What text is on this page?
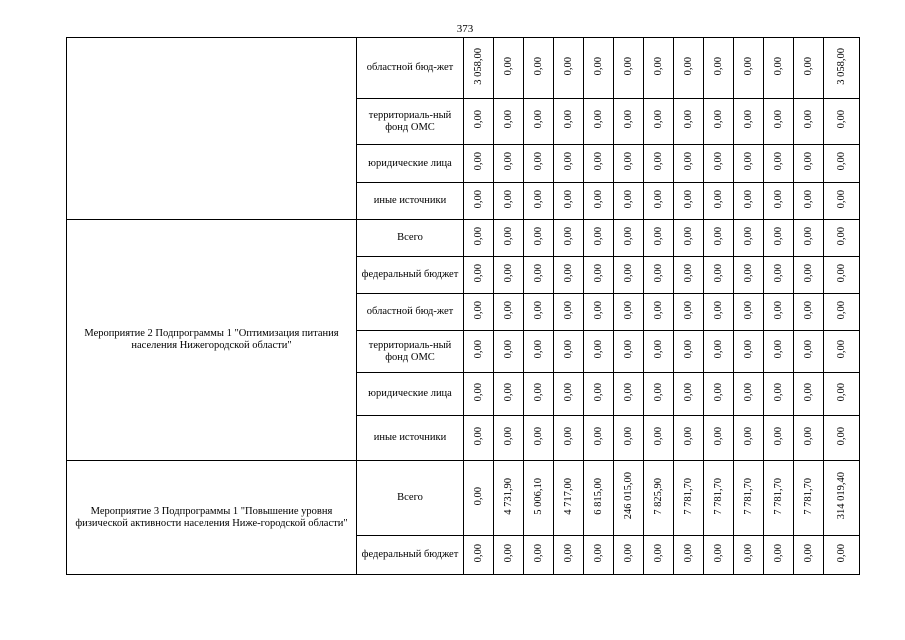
373
	областной бюд-жет	3 058,00	0,00	0,00	0,00	0,00	0,00	0,00	0,00	0,00	0,00	0,00	0,00	3 058,00
	территориаль-ный фонд ОМС	0,00	0,00	0,00	0,00	0,00	0,00	0,00	0,00	0,00	0,00	0,00	0,00	0,00
	юридические лица	0,00	0,00	0,00	0,00	0,00	0,00	0,00	0,00	0,00	0,00	0,00	0,00	0,00
	иные источники	0,00	0,00	0,00	0,00	0,00	0,00	0,00	0,00	0,00	0,00	0,00	0,00	0,00
Мероприятие 2 Подпрограммы 1 "Оптимизация питания населения Нижегородской области"	Всего	0,00	0,00	0,00	0,00	0,00	0,00	0,00	0,00	0,00	0,00	0,00	0,00	0,00
	федеральный бюджет	0,00	0,00	0,00	0,00	0,00	0,00	0,00	0,00	0,00	0,00	0,00	0,00	0,00
	областной бюд-жет	0,00	0,00	0,00	0,00	0,00	0,00	0,00	0,00	0,00	0,00	0,00	0,00	0,00
	территориаль-ный фонд ОМС	0,00	0,00	0,00	0,00	0,00	0,00	0,00	0,00	0,00	0,00	0,00	0,00	0,00
	юридические лица	0,00	0,00	0,00	0,00	0,00	0,00	0,00	0,00	0,00	0,00	0,00	0,00	0,00
	иные источники	0,00	0,00	0,00	0,00	0,00	0,00	0,00	0,00	0,00	0,00	0,00	0,00	0,00
Мероприятие 3 Подпрограммы 1 "Повышение уровня физической активности населения Ниже-городской области"	Всего	0,00	4 731,90	5 006,10	4 717,00	6 815,00	246 015,00	7 825,90	7 781,70	7 781,70	7 781,70	7 781,70	7 781,70	314 019,40
	федеральный бюджет	0,00	0,00	0,00	0,00	0,00	0,00	0,00	0,00	0,00	0,00	0,00	0,00	0,00
